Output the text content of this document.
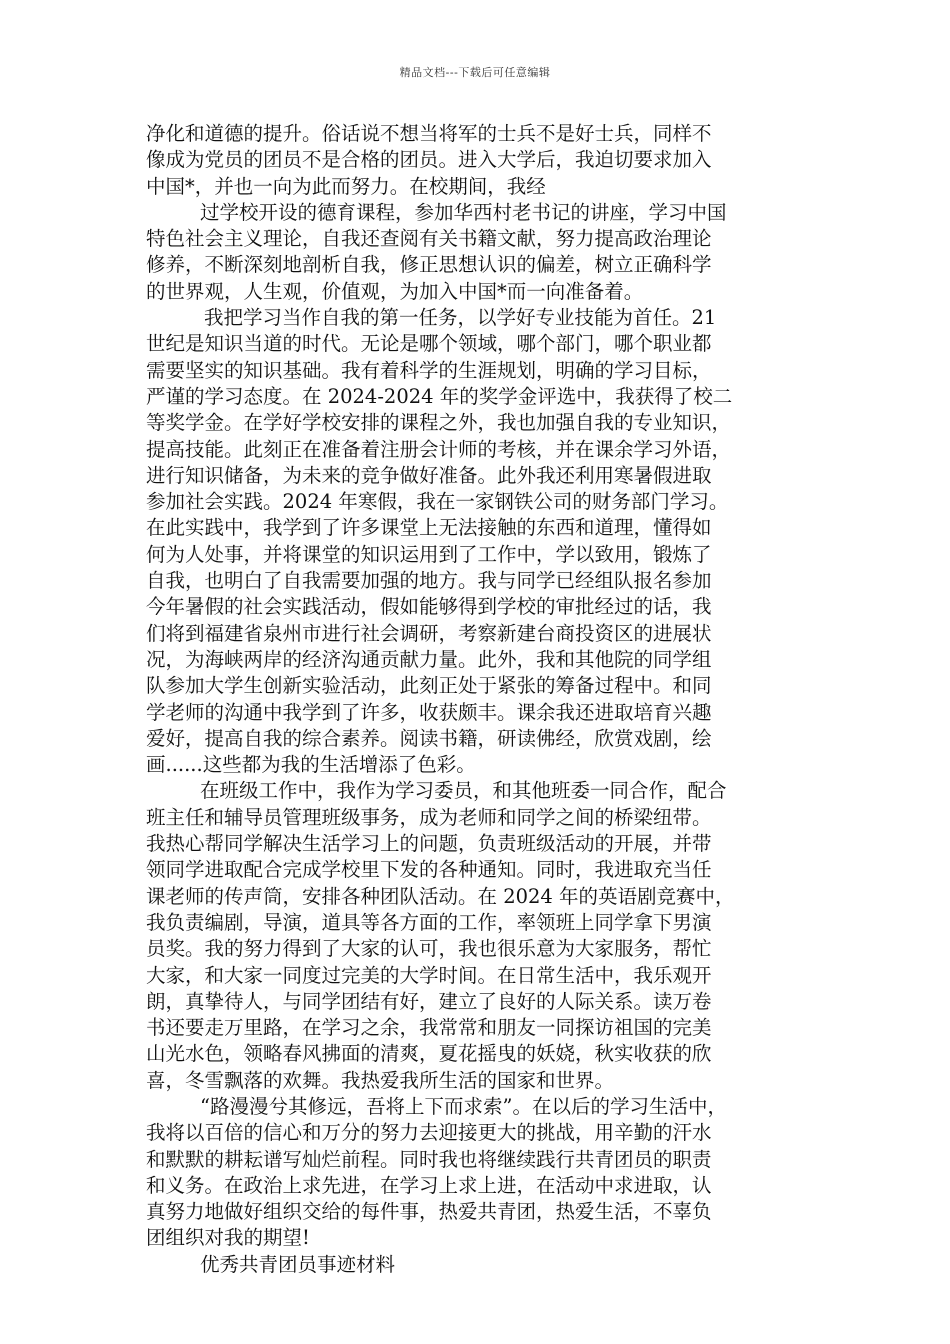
精品文档---下载后可任意编辑
净化和道德的提升。俗话说不想当将军的士兵不是好士兵，同样不
像成为党员的团员不是合格的团员。进入大学后，我迫切要求加入
中国*，并也一向为此而努力。在校期间，我经
过学校开设的德育课程，参加华西村老书记的讲座，学习中国
特色社会主义理论，自我还查阅有关书籍文献，努力提高政治理论
修养，不断深刻地剖析自我，修正思想认识的偏差，树立正确科学
的世界观，人生观，价值观，为加入中国*而一向准备着。
我把学习当作自我的第一任务，以学好专业技能为首任。21
世纪是知识当道的时代。无论是哪个领域，哪个部门，哪个职业都
需要坚实的知识基础。我有着科学的生涯规划，明确的学习目标，
严谨的学习态度。在 2024-2024 年的奖学金评选中，我获得了校二
等奖学金。在学好学校安排的课程之外，我也加强自我的专业知识，
提高技能。此刻正在准备着注册会计师的考核，并在课余学习外语，
进行知识储备，为未来的竞争做好准备。此外我还利用寒暑假进取
参加社会实践。2024 年寒假，我在一家钢铁公司的财务部门学习。
在此实践中，我学到了许多课堂上无法接触的东西和道理，懂得如
何为人处事，并将课堂的知识运用到了工作中，学以致用，锻炼了
自我，也明白了自我需要加强的地方。我与同学已经组队报名参加
今年暑假的社会实践活动，假如能够得到学校的审批经过的话，我
们将到福建省泉州市进行社会调研，考察新建台商投资区的进展状
况，为海峡两岸的经济沟通贡献力量。此外，我和其他院的同学组
队参加大学生创新实验活动，此刻正处于紧张的筹备过程中。和同
学老师的沟通中我学到了许多，收获颇丰。课余我还进取培育兴趣
爱好，提高自我的综合素养。阅读书籍，研读佛经，欣赏戏剧，绘
画......这些都为我的生活增添了色彩。
在班级工作中，我作为学习委员，和其他班委一同合作，配合
班主任和辅导员管理班级事务，成为老师和同学之间的桥梁纽带。
我热心帮同学解决生活学习上的问题，负责班级活动的开展，并带
领同学进取配合完成学校里下发的各种通知。同时，我进取充当任
课老师的传声筒，安排各种团队活动。在 2024 年的英语剧竞赛中，
我负责编剧，导演，道具等各方面的工作，率领班上同学拿下男演
员奖。我的努力得到了大家的认可，我也很乐意为大家服务，帮忙
大家，和大家一同度过完美的大学时间。在日常生活中，我乐观开
朗，真挚待人，与同学团结有好，建立了良好的人际关系。读万卷
书还要走万里路，在学习之余，我常常和朋友一同探访祖国的完美
山光水色，领略春风拂面的清爽，夏花摇曳的妖娆，秋实收获的欣
喜，冬雪飘落的欢舞。我热爱我所生活的国家和世界。
“路漫漫兮其修远，吾将上下而求索”。在以后的学习生活中，
我将以百倍的信心和万分的努力去迎接更大的挑战，用辛勤的汗水
和默默的耕耘谱写灿烂前程。同时我也将继续践行共青团员的职责
和义务。在政治上求先进，在学习上求上进，在活动中求进取，认
真努力地做好组织交给的每件事，热爱共青团，热爱生活，不辜负
团组织对我的期望!
优秀共青团员事迹材料
